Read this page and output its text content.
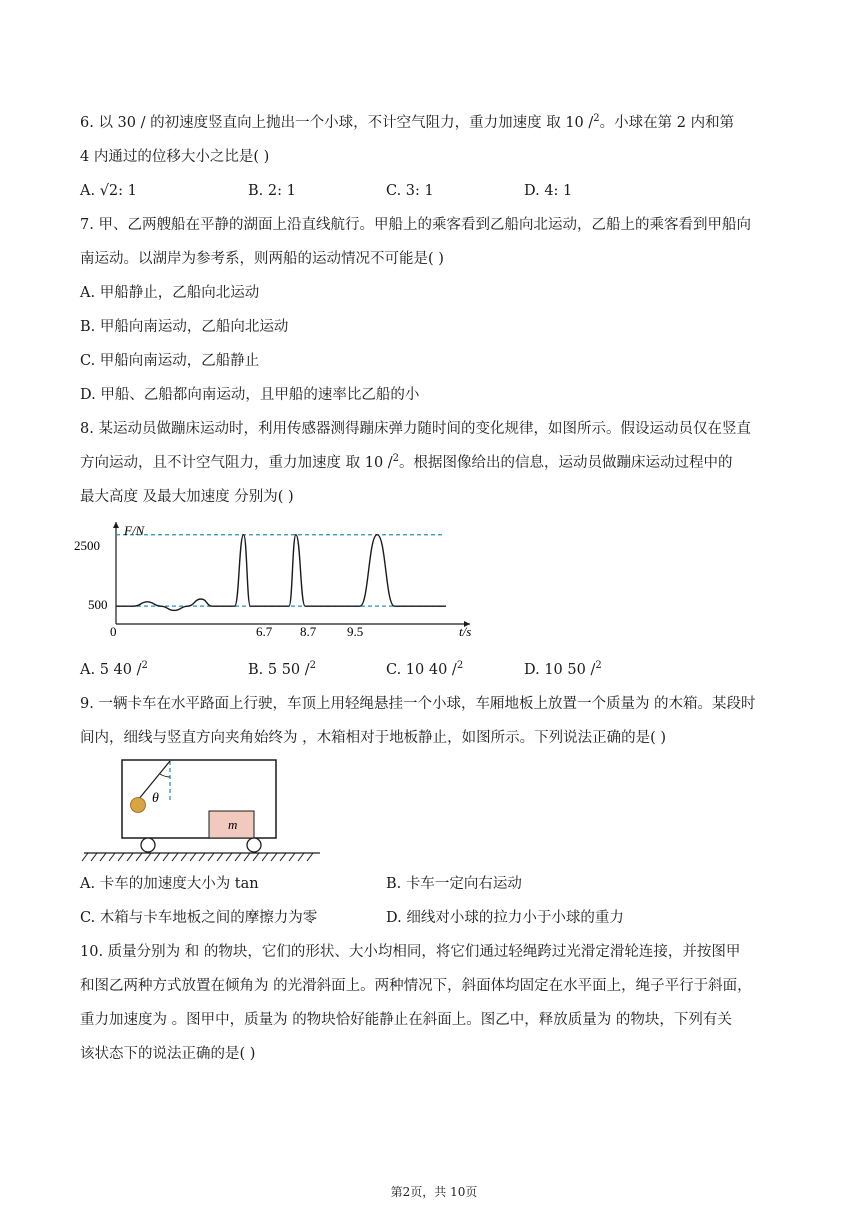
6. 以 30 / 的初速度竖直向上抛出一个小球，不计空气阻力，重力加速度 取 10 /$^2$。小球在第 2 内和第
4 内通过的位移大小之比是( )
A. √2: 1	B. 2: 1	C. 3: 1	D. 4: 1
7. 甲、乙两艘船在平静的湖面上沿直线航行。甲船上的乘客看到乙船向北运动，乙船上的乘客看到甲船向
南运动。以湖岸为参考系，则两船的运动情况不可能是( )
A. 甲船静止，乙船向北运动
B. 甲船向南运动，乙船向北运动
C. 甲船向南运动，乙船静止
D. 甲船、乙船都向南运动，且甲船的速率比乙船的小
8. 某运动员做蹦床运动时，利用传感器测得蹦床弹力随时间的变化规律，如图所示。假设运动员仅在竖直
方向运动，且不计空气阻力，重力加速度 取 10 /$^2$。根据图像给出的信息，运动员做蹦床运动过程中的
最大高度 及最大加速度 分别为( )
F/N
t/s
2500
500
0	6.7 8.7 9.5
A. 5 40 /$^2$	B. 5 50 /$^2$	C. 10 40 /$^2$	D. 10 50 /$^2$
9. 一辆卡车在水平路面上行驶，车顶上用轻绳悬挂一个小球，车厢地板上放置一个质量为 的木箱。某段时
间内，细线与竖直方向夹角始终为 ，木箱相对于地板静止，如图所示。下列说法正确的是( )
θ
m
A. 卡车的加速度大小为 tan	B. 卡车一定向右运动
C. 木箱与卡车地板之间的摩擦力为零	D. 细线对小球的拉力小于小球的重力
10. 质量分别为 和 的物块，它们的形状、大小均相同，将它们通过轻绳跨过光滑定滑轮连接，并按图甲
和图乙两种方式放置在倾角为 的光滑斜面上。两种情况下，斜面体均固定在水平面上，绳子平行于斜面，
重力加速度为 。图甲中，质量为 的物块恰好能静止在斜面上。图乙中，释放质量为 的物块，下列有关
该状态下的说法正确的是( )
第2页，共 10页
